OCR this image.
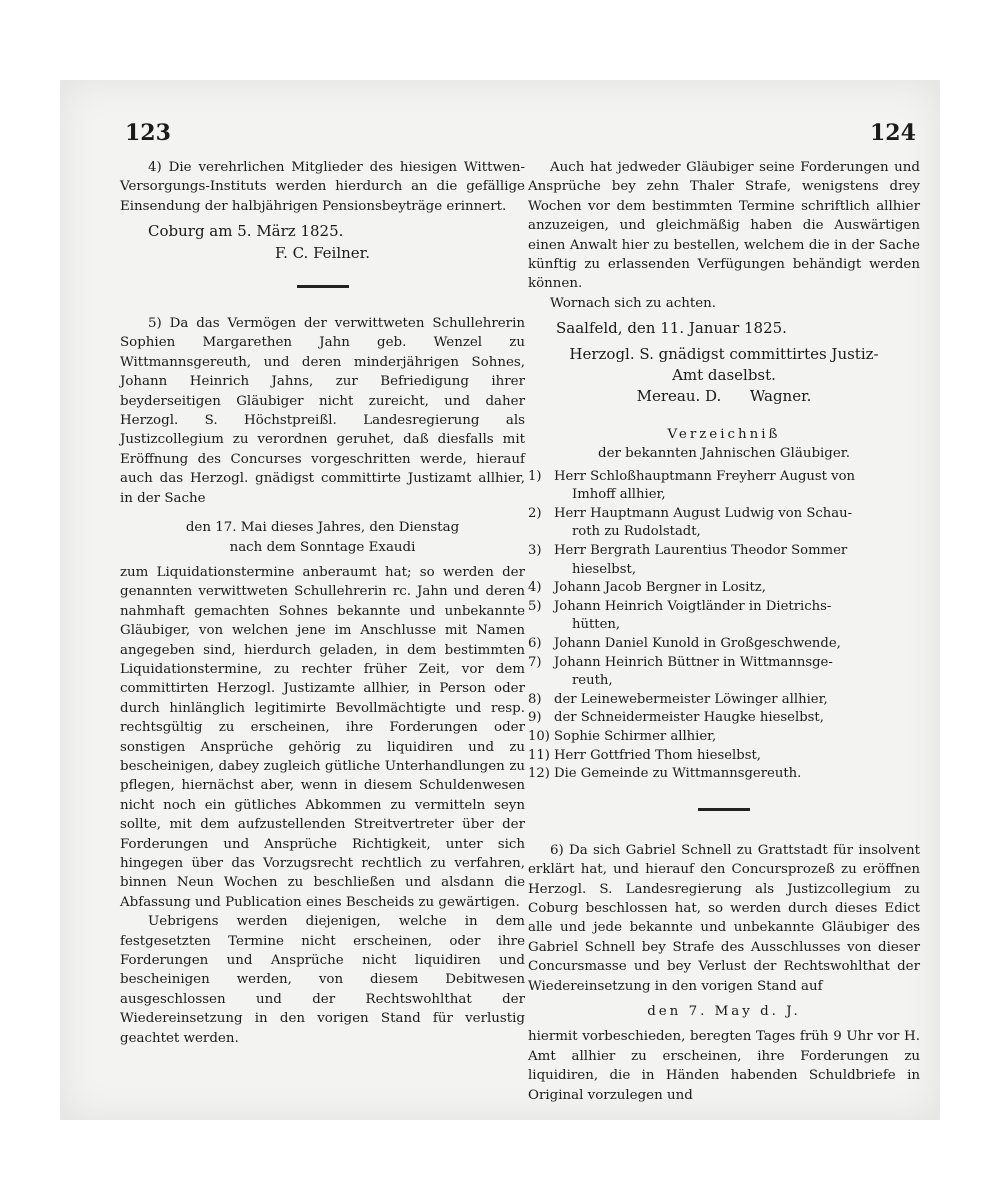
123	124

4) Die verehrlichen Mitglieder des hiesigen Wittwen-Versorgungs-Instituts werden hierdurch an die gefällige Einsendung der halbjährigen Pensionsbeyträge erinnert.

Coburg am 5. März 1825.

F. C. Feilner.

5) Da das Vermögen der verwittweten Schullehrerin Sophien Margarethen Jahn geb. Wenzel zu Wittmannsgereuth, und deren minderjährigen Sohnes, Johann Heinrich Jahns, zur Befriedigung ihrer beyderseitigen Gläubiger nicht zureicht, und daher Herzogl. S. Höchstpreißl. Landesregierung als Justizcollegium zu verordnen geruhet, daß diesfalls mit Eröffnung des Concurses vorgeschritten werde, hierauf auch das Herzogl. gnädigst committirte Justizamt allhier, in der Sache

den 17. Mai dieses Jahres, den Dienstag

nach dem Sonntage Exaudi

zum Liquidationstermine anberaumt hat; so werden der genannten verwittweten Schullehrerin rc. Jahn und deren nahmhaft gemachten Sohnes bekannte und unbekannte Gläubiger, von welchen jene im Anschlusse mit Namen angegeben sind, hierdurch geladen, in dem bestimmten Liquidationstermine, zu rechter früher Zeit, vor dem committirten Herzogl. Justizamte allhier, in Person oder durch hinlänglich legitimirte Bevollmächtigte und resp. rechtsgültig zu erscheinen, ihre Forderungen oder sonstigen Ansprüche gehörig zu liquidiren und zu bescheinigen, dabey zugleich gütliche Unterhandlungen zu pflegen, hiernächst aber, wenn in diesem Schuldenwesen nicht noch ein gütliches Abkommen zu vermitteln seyn sollte, mit dem aufzustellenden Streitvertreter über der Forderungen und Ansprüche Richtigkeit, unter sich hingegen über das Vorzugsrecht rechtlich zu verfahren, binnen Neun Wochen zu beschließen und alsdann die Abfassung und Publication eines Bescheids zu gewärtigen.

Uebrigens werden diejenigen, welche in dem festgesetzten Termine nicht erscheinen, oder ihre Forderungen und Ansprüche nicht liquidiren und bescheinigen werden, von diesem Debitwesen ausgeschlossen und der Rechtswohlthat der Wiedereinsetzung in den vorigen Stand für verlustig geachtet werden.

Auch hat jedweder Gläubiger seine Forderungen und Ansprüche bey zehn Thaler Strafe, wenigstens drey Wochen vor dem bestimmten Termine schriftlich allhier anzuzeigen, und gleichmäßig haben die Auswärtigen einen Anwalt hier zu bestellen, welchem die in der Sache künftig zu erlassenden Verfügungen behändigt werden können.

Wornach sich zu achten.

Saalfeld, den 11. Januar 1825.

Herzogl. S. gnädigst committirtes Justiz-

Amt daselbst.

Mereau. D.      Wagner.

Verzeichniß

der bekannten Jahnischen Gläubiger.

1) Herr Schloßhauptmann Freyherr August von
Imhoff allhier,
2) Herr Hauptmann August Ludwig von Schau-
roth zu Rudolstadt,
3) Herr Bergrath Laurentius Theodor Sommer
hieselbst,
4) Johann Jacob Bergner in Lositz,
5) Johann Heinrich Voigtländer in Dietrichs-
hütten,
6) Johann Daniel Kunold in Großgeschwende,
7) Johann Heinrich Büttner in Wittmannsge-
reuth,
8) der Leinewebermeister Löwinger allhier,
9) der Schneidermeister Haugke hieselbst,
10) Sophie Schirmer allhier,
11) Herr Gottfried Thom hieselbst,
12) Die Gemeinde zu Wittmannsgereuth.

6) Da sich Gabriel Schnell zu Grattstadt für insolvent erklärt hat, und hierauf den Concursprozeß zu eröffnen Herzogl. S. Landesregierung als Justizcollegium zu Coburg beschlossen hat, so werden durch dieses Edict alle und jede bekannte und unbekannte Gläubiger des Gabriel Schnell bey Strafe des Ausschlusses von dieser Concursmasse und bey Verlust der Rechtswohlthat der Wiedereinsetzung in den vorigen Stand auf

den 7. May d. J.

hiermit vorbeschieden, beregten Tages früh 9 Uhr vor H. Amt allhier zu erscheinen, ihre Forderungen zu liquidiren, die in Händen habenden Schuldbriefe in Original vorzulegen und
